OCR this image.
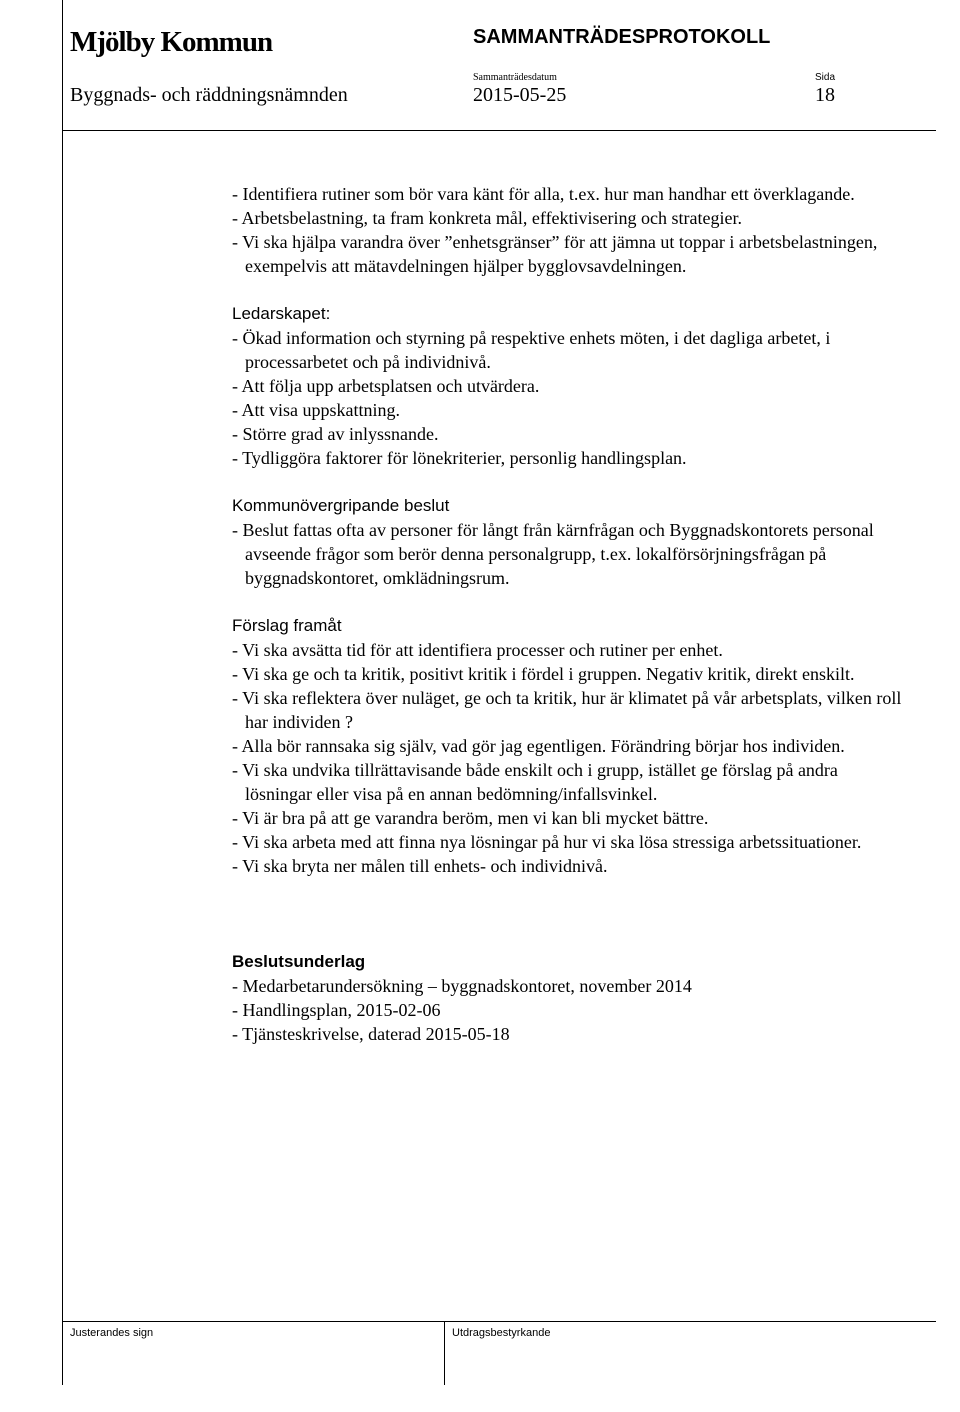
Mjölby Kommun	SAMMANTRÄDESPROTOKOLL
Sammanträdesdatum	Sida
Byggnads- och räddningsnämnden	2015-05-25	18

- Identifiera rutiner som bör vara känt för alla, t.ex. hur man handhar ett överklagande.

- Arbetsbelastning, ta fram konkreta mål, effektivisering och strategier.

- Vi ska hjälpa varandra över ”enhetsgränser” för att jämna ut toppar i arbetsbelastningen, exempelvis att mätavdelningen hjälper bygglovsavdelningen.

Ledarskapet:

- Ökad information och styrning på respektive enhets möten, i det dagliga arbetet, i processarbetet och på individnivå.

- Att följa upp arbetsplatsen och utvärdera.

- Att visa uppskattning.

- Större grad av inlyssnande.

- Tydliggöra faktorer för lönekriterier, personlig handlingsplan.

Kommunövergripande beslut

- Beslut fattas ofta av personer för långt från kärnfrågan och Byggnadskontorets personal avseende frågor som berör denna personalgrupp, t.ex. lokalförsörjningsfrågan på byggnadskontoret, omklädningsrum.

Förslag framåt

- Vi ska avsätta tid för att identifiera processer och rutiner per enhet.

- Vi ska ge och ta kritik, positivt kritik i fördel i gruppen. Negativ kritik, direkt enskilt.

- Vi ska reflektera över nuläget, ge och ta kritik, hur är klimatet på vår arbetsplats, vilken roll har individen ?

- Alla bör rannsaka sig själv, vad gör jag egentligen. Förändring börjar hos individen.

- Vi ska undvika tillrättavisande både enskilt och i grupp, istället ge förslag på andra lösningar eller visa på en annan bedömning/infallsvinkel.

- Vi är bra på att ge varandra beröm, men vi kan bli mycket bättre.

- Vi ska arbeta med att finna nya lösningar på hur vi ska lösa stressiga arbetssituationer.

- Vi ska bryta ner målen till enhets- och individnivå.

Beslutsunderlag

- Medarbetarundersökning – byggnadskontoret, november 2014

- Handlingsplan, 2015-02-06

- Tjänsteskrivelse, daterad 2015-05-18

Justerandes sign	Utdragsbestyrkande
